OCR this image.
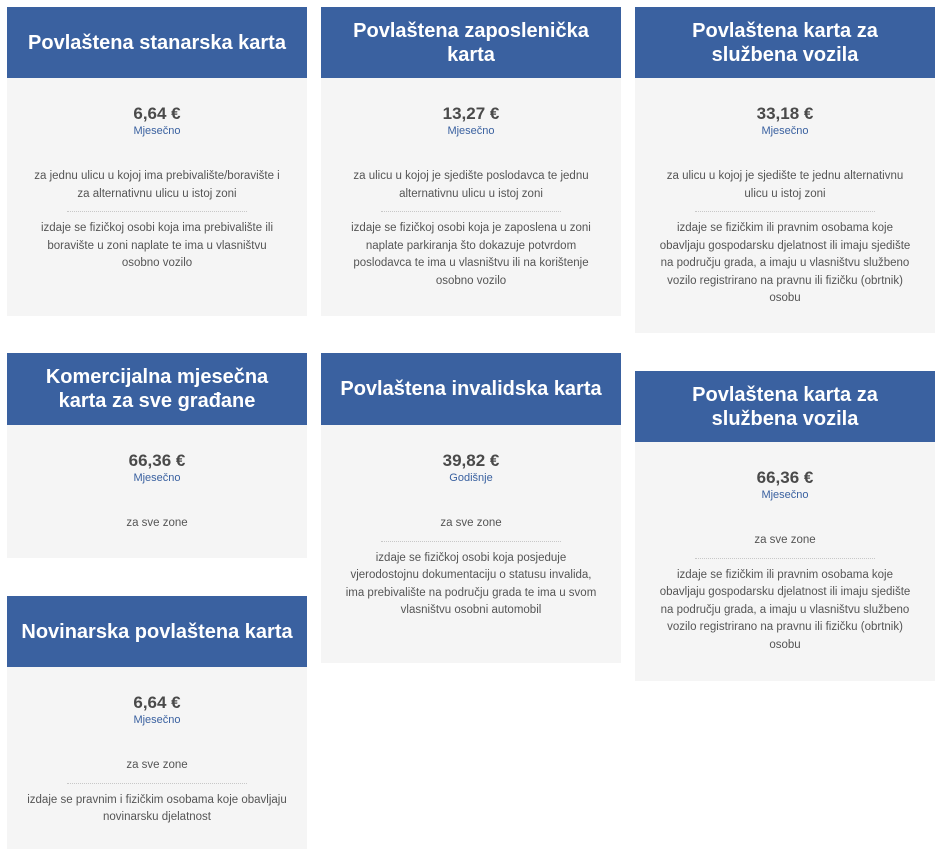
Povlaštena stanarska karta
6,64 €
Mjesečno
za jednu ulicu u kojoj ima prebivalište/boravište i za alternativnu ulicu u istoj zoni
izdaje se fizičkoj osobi koja ima prebivalište ili boravište u zoni naplate te ima u vlasništvu osobno vozilo
Povlaštena zaposlenička karta
13,27 €
Mjesečno
za ulicu u kojoj je sjedište poslodavca te jednu alternativnu ulicu u istoj zoni
izdaje se fizičkoj osobi koja je zaposlena u zoni naplate parkiranja što dokazuje potvrdom poslodavca te ima u vlasništvu ili na korištenje osobno vozilo
Povlaštena karta za službena vozila
33,18 €
Mjesečno
za ulicu u kojoj je sjedište te jednu alternativnu ulicu u istoj zoni
izdaje se fizičkim ili pravnim osobama koje obavljaju gospodarsku djelatnost ili imaju sjedište na području grada, a imaju u vlasništvu službeno vozilo registrirano na pravnu ili fizičku (obrtnik) osobu
Komercijalna mjesečna karta za sve građane
66,36 €
Mjesečno
za sve zone
Povlaštena invalidska karta
39,82 €
Godišnje
za sve zone
izdaje se fizičkoj osobi koja posjeduje vjerodostojnu dokumentaciju o statusu invalida, ima prebivalište na području grada te ima u svom vlasništvu osobni automobil
Povlaštena karta za službena vozila
66,36 €
Mjesečno
za sve zone
izdaje se fizičkim ili pravnim osobama koje obavljaju gospodarsku djelatnost ili imaju sjedište na području grada, a imaju u vlasništvu službeno vozilo registrirano na pravnu ili fizičku (obrtnik) osobu
Novinarska povlaštena karta
6,64 €
Mjesečno
za sve zone
izdaje se pravnim i fizičkim osobama koje obavljaju novinarsku djelatnost
